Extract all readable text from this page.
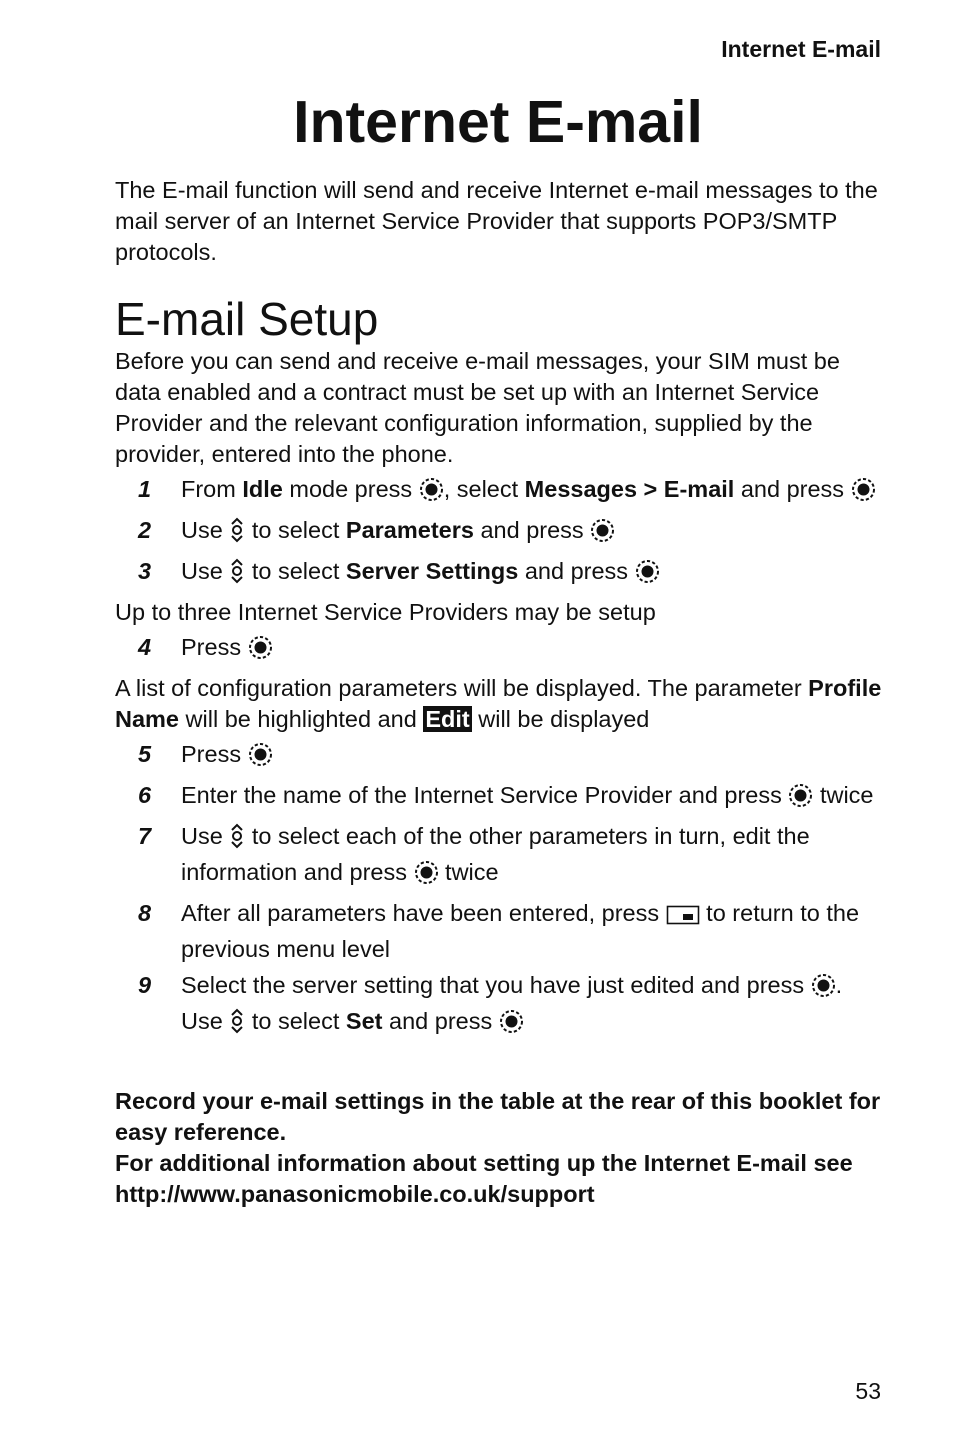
Internet E-mail
Internet E-mail

The E-mail function will send and receive Internet e-mail messages to the mail server of an Internet Service Provider that supports POP3/SMTP protocols.

E-mail Setup

Before you can send and receive e-mail messages, your SIM must be data enabled and a contract must be set up with an Internet Service Provider and the relevant configuration information, supplied by the provider, entered into the phone.

1	From Idle mode press , select Messages > E-mail and press
2	Use  to select Parameters and press
3	Use  to select Server Settings and press

Up to three Internet Service Providers may be setup

4	Press

A list of configuration parameters will be displayed. The parameter Profile Name will be highlighted and Edit will be displayed

5	Press
6	Enter the name of the Internet Service Provider and press  twice
7	Use  to select each of the other parameters in turn, edit the information and press  twice
8	After all parameters have been entered, press  to return to the previous menu level
9	Select the server setting that you have just edited and press . Use  to select Set and press
Record your e-mail settings in the table at the rear of this booklet for easy reference.
For additional information about setting up the Internet E-mail see http://www.panasonicmobile.co.uk/support
53
